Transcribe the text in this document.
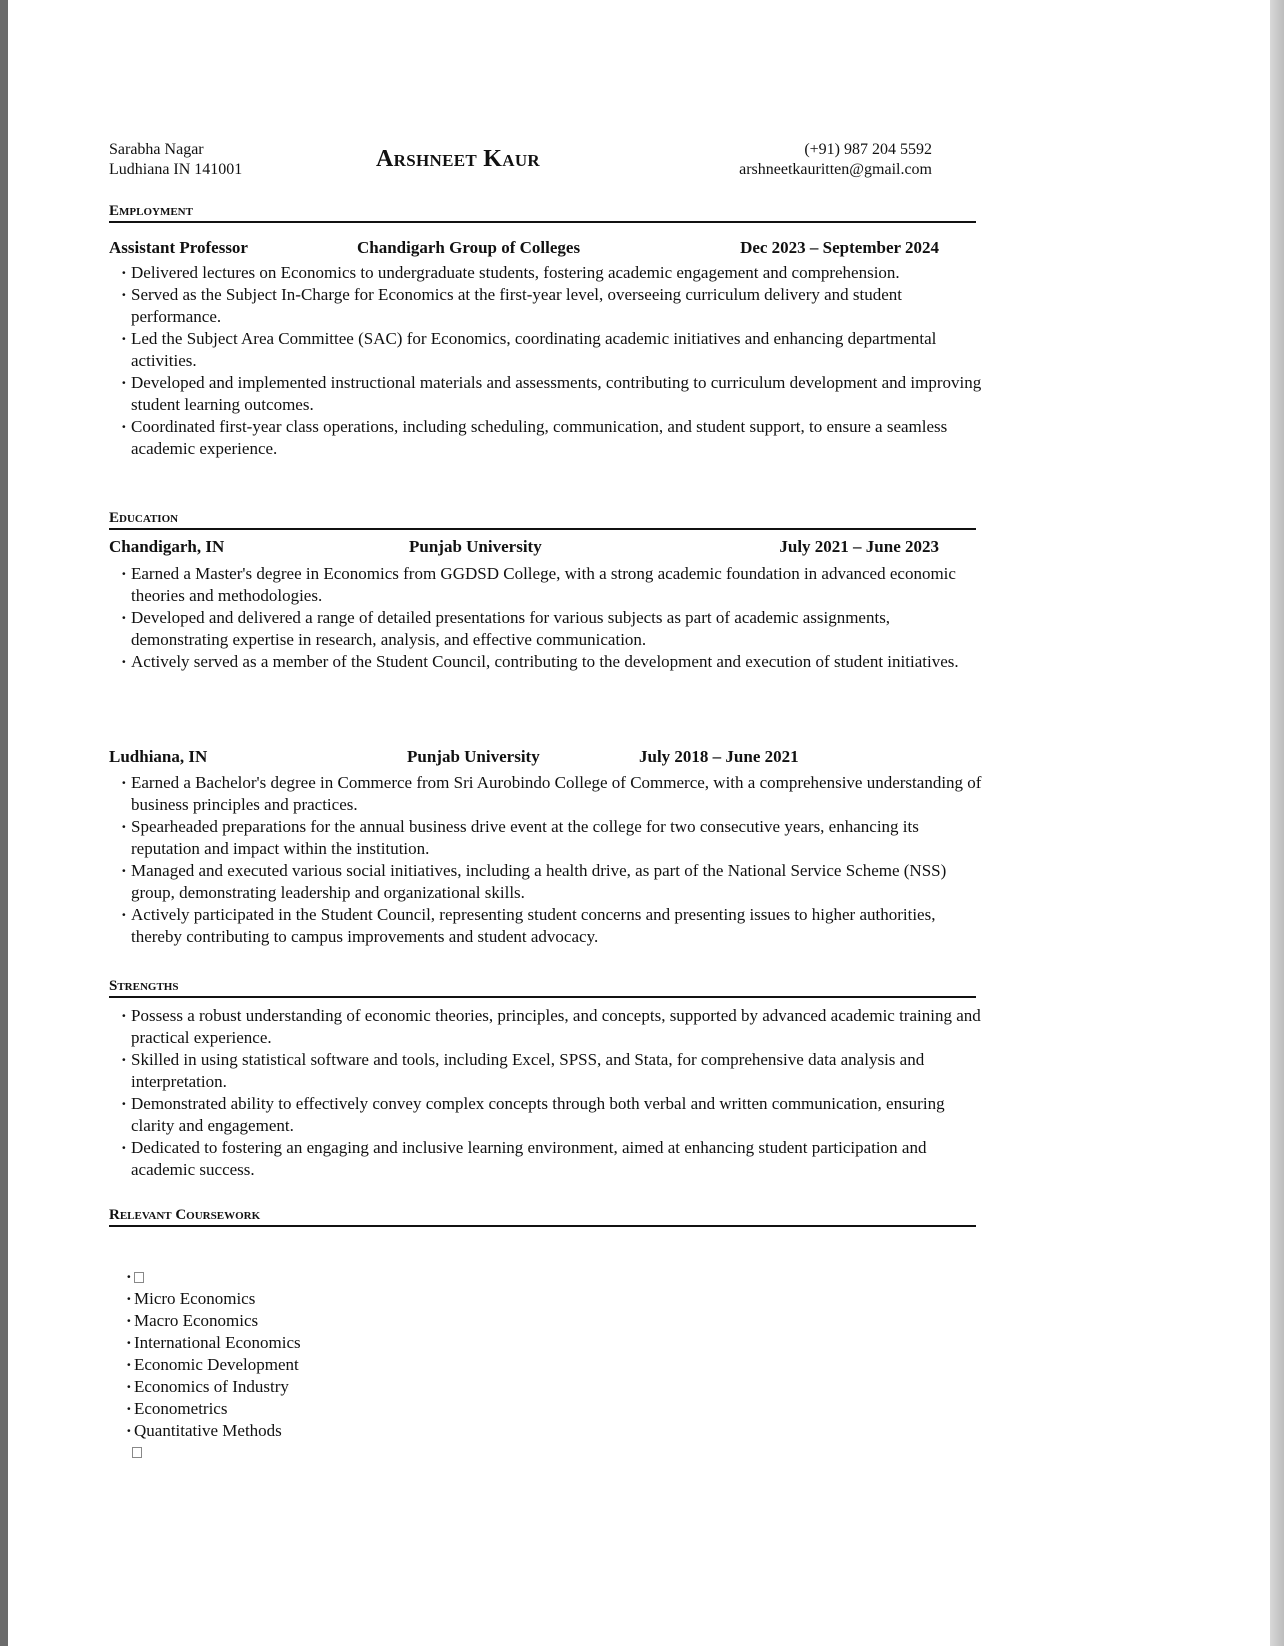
Sarabha Nagar
Ludhiana IN 141001	Arshneet Kaur	(+91) 987 204 5592
arshneetkauritten@gmail.com
Employment
Assistant Professor	Chandigarh Group of Colleges	Dec 2023 – September 2024
· Delivered lectures on Economics to undergraduate students, fostering academic engagement and comprehension.
· Served as the Subject In-Charge for Economics at the first-year level, overseeing curriculum delivery and student performance.
· Led the Subject Area Committee (SAC) for Economics, coordinating academic initiatives and enhancing departmental activities.
· Developed and implemented instructional materials and assessments, contributing to curriculum development and improving student learning outcomes.
· Coordinated first-year class operations, including scheduling, communication, and student support, to ensure a seamless academic experience.
Education
Chandigarh, IN	Punjab University	July 2021 – June 2023
· Earned a Master's degree in Economics from GGDSD College, with a strong academic foundation in advanced economic theories and methodologies.
· Developed and delivered a range of detailed presentations for various subjects as part of academic assignments, demonstrating expertise in research, analysis, and effective communication.
· Actively served as a member of the Student Council, contributing to the development and execution of student initiatives.
Ludhiana, IN	Punjab University	July 2018 – June 2021
· Earned a Bachelor's degree in Commerce from Sri Aurobindo College of Commerce, with a comprehensive understanding of business principles and practices.
· Spearheaded preparations for the annual business drive event at the college for two consecutive years, enhancing its reputation and impact within the institution.
· Managed and executed various social initiatives, including a health drive, as part of the National Service Scheme (NSS) group, demonstrating leadership and organizational skills.
· Actively participated in the Student Council, representing student concerns and presenting issues to higher authorities, thereby contributing to campus improvements and student advocacy.
Strengths
· Possess a robust understanding of economic theories, principles, and concepts, supported by advanced academic training and practical experience.
· Skilled in using statistical software and tools, including Excel, SPSS, and Stata, for comprehensive data analysis and interpretation.
· Demonstrated ability to effectively convey complex concepts through both verbal and written communication, ensuring clarity and engagement.
· Dedicated to fostering an engaging and inclusive learning environment, aimed at enhancing student participation and academic success.
Relevant Coursework
·
· Micro Economics
· Macro Economics
· International Economics
· Economic Development
· Economics of Industry
· Econometrics
· Quantitative Methods
